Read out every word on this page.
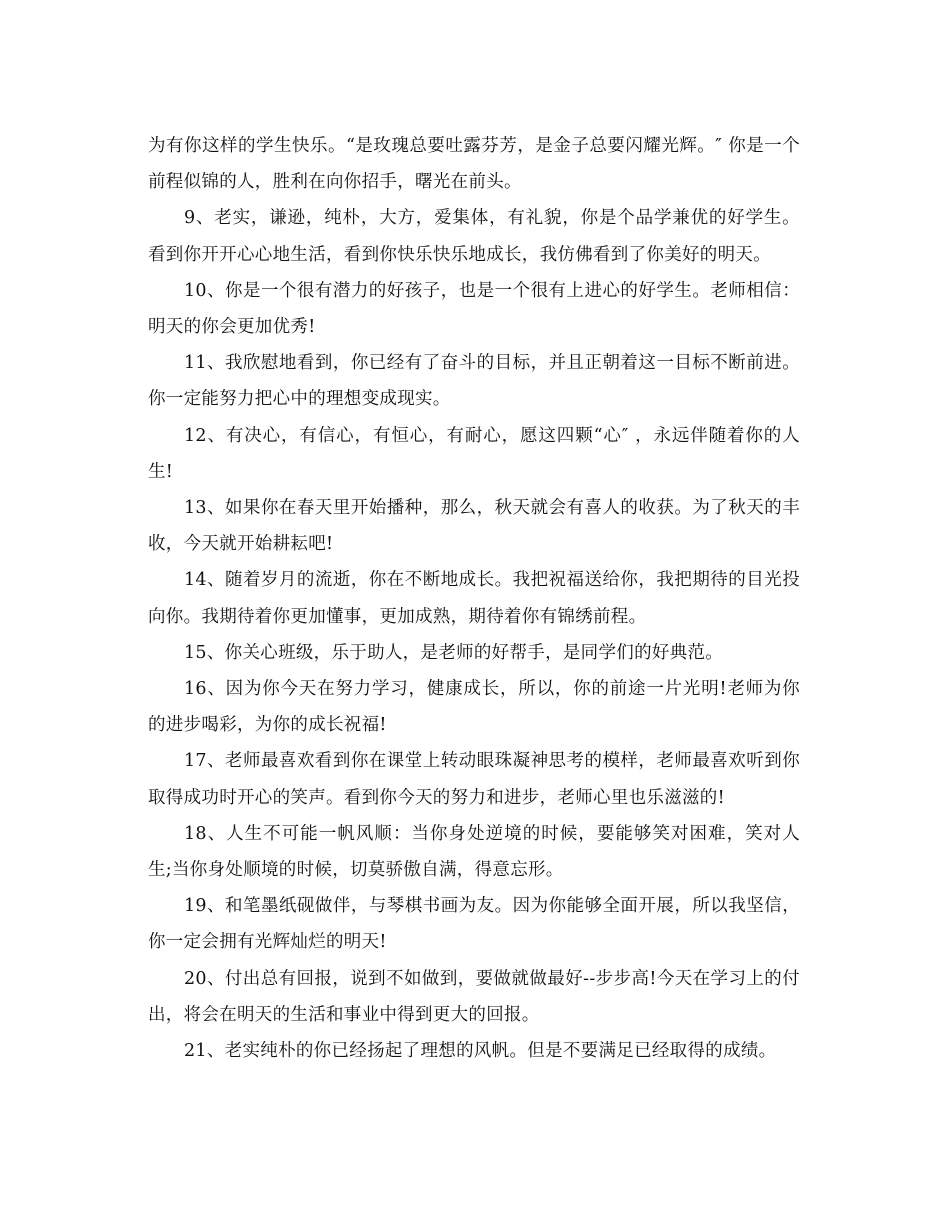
为有你这样的学生快乐。“是玫瑰总要吐露芬芳，是金子总要闪耀光辉。″ 你是一个前程似锦的人，胜利在向你招手，曙光在前头。

9、老实，谦逊，纯朴，大方，爱集体，有礼貌，你是个品学兼优的好学生。看到你开开心心地生活，看到你快乐快乐地成长，我仿佛看到了你美好的明天。

10、你是一个很有潜力的好孩子，也是一个很有上进心的好学生。老师相信：明天的你会更加优秀!

11、我欣慰地看到，你已经有了奋斗的目标，并且正朝着这一目标不断前进。你一定能努力把心中的理想变成现实。

12、有决心，有信心，有恒心，有耐心，愿这四颗“心″ ，永远伴随着你的人生!

13、如果你在春天里开始播种，那么，秋天就会有喜人的收获。为了秋天的丰收，今天就开始耕耘吧!

14、随着岁月的流逝，你在不断地成长。我把祝福送给你，我把期待的目光投向你。我期待着你更加懂事，更加成熟，期待着你有锦绣前程。

15、你关心班级，乐于助人，是老师的好帮手，是同学们的好典范。

16、因为你今天在努力学习，健康成长，所以，你的前途一片光明!老师为你的进步喝彩，为你的成长祝福!

17、老师最喜欢看到你在课堂上转动眼珠凝神思考的模样，老师最喜欢听到你取得成功时开心的笑声。看到你今天的努力和进步，老师心里也乐滋滋的!

18、人生不可能一帆风顺：当你身处逆境的时候，要能够笑对困难，笑对人生;当你身处顺境的时候，切莫骄傲自满，得意忘形。

19、和笔墨纸砚做伴，与琴棋书画为友。因为你能够全面开展，所以我坚信，你一定会拥有光辉灿烂的明天!

20、付出总有回报，说到不如做到，要做就做最好--步步高!今天在学习上的付出，将会在明天的生活和事业中得到更大的回报。

21、老实纯朴的你已经扬起了理想的风帆。但是不要满足已经取得的成绩。
